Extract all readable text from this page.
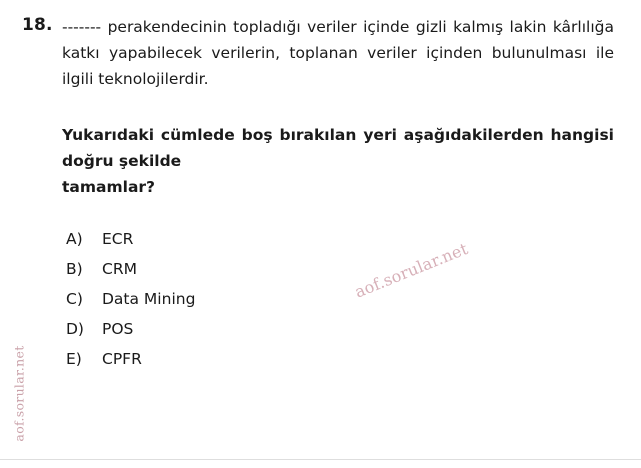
aof.sorular.net
18. ------- perakendecinin topladığı veriler içinde gizli kalmış lakin kârlılığa katkı yapabilecek verilerin, toplanan veriler içinden bulunulması ile ilgili teknolojilerdir.

Yukarıdaki cümlede boş bırakılan yeri aşağıdakilerden hangisi doğru şekilde
tamamlar?

A)	ECR
B)	CRM
C)	Data Mining
D)	POS
E)	CPFR
aof.sorular.net
